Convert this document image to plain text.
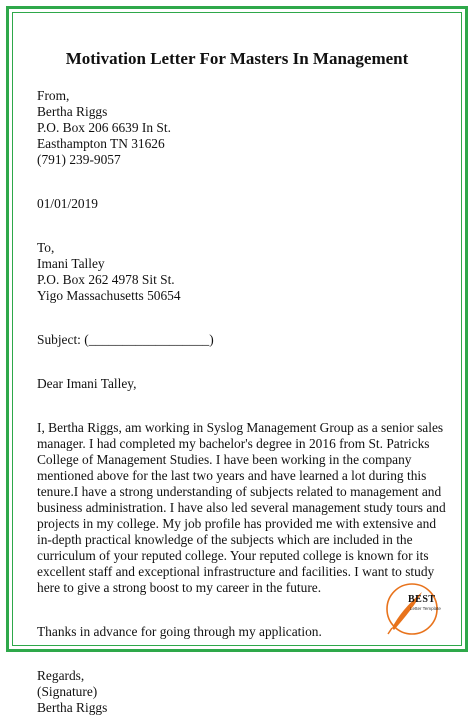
Motivation Letter For Masters In Management
From,
Bertha Riggs
P.O. Box 206 6639 In St.
Easthampton TN 31626
(791) 239-9057
01/01/2019
To,
Imani Talley
P.O. Box 262 4978 Sit St.
Yigo Massachusetts 50654
Subject: (__________________)
Dear Imani Talley,
I, Bertha Riggs, am working in Syslog Management Group as a senior sales
manager. I had completed my bachelor's degree in 2016 from St. Patricks
College of Management Studies. I have been working in the company
mentioned above for the last two years and have learned a lot during this
tenure.I have a strong understanding of subjects related to management and
business administration. I have also led several management study tours and
projects in my college. My job profile has provided me with extensive and
in-depth practical knowledge of the subjects which are included in the
curriculum of your reputed college. Your reputed college is known for its
excellent staff and exceptional infrastructure and facilities. I want to study
here to give a strong boost to my career in the future.
Thanks in advance for going through my application.
Regards,
(Signature)
Bertha Riggs
BEST
Letter Template
